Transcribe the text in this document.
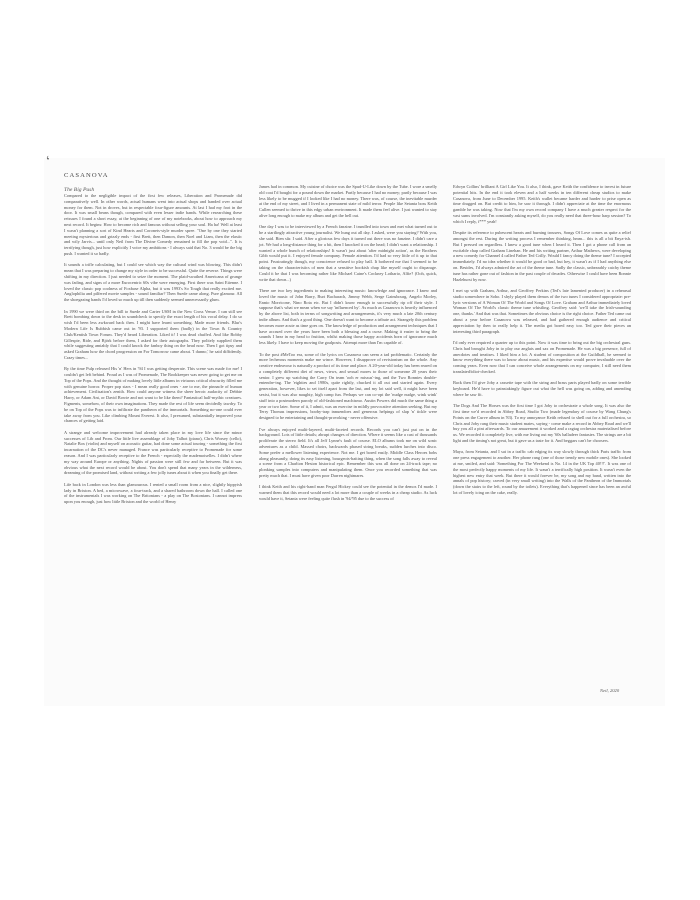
ʻ

CASANOVA

The Big Push

Compared to the negligible impact of the first few releases, Liberation and Promenade did comparatively well. In other words, actual humans went into actual shops and handed over actual money for them. Not in droves, but in respectable four-figure amounts. At last I had my foot in the door. It was small beans though, compared with even lesser indie bands. While researching these reissues I found a short essay, at the beginning of one of my notebooks, about how to approach my next record. It begins: How to become rich and famous without selling your soul. Ha ha! Well at least I wasn't planning a sort of Kind Hearts and Coronets-style murder spree. "One by one they started meeting mysterious and grizzly ends - first Brett, then Damon, then Noel and Liam, then the elastic and wily Jarvis... until only Neil from The Divine Comedy remained to fill the pop void...". It is terrifying though, just how explicitly I voice my ambitions - I always said that No. 3 would be the big push. I wanted it so badly.

It sounds a trifle calculating, but I could see which way the cultural wind was blowing. This didn't mean that I was preparing to change my style in order to be successful. Quite the reverse. Things were shifting in my direction. I just needed to seize the moment. The plaid-swathed Americana of grunge was fading, and signs of a more Eurocentric 60s vibe were emerging. First there was Saint Etienne. I loved the classic pop coolness of Foxbase Alpha, but it was 1993's So Tough that really excited me. Anglophilia and pilfered movie samples - sound familiar? Then Suede came along. Pure glamour. All the shoegazing bands I'd loved so much up till then suddenly seemed unnecessarily glum.

In 1990 we were third on the bill to Suede and Carter USM in the New Cross Venue. I can still see Brett bombing down to the desk in soundcheck to specify the exact length of his vocal delay. I do so wish I'd been less awkward back then. I might have learnt something. Made more friends. Blur's Modern Life Is Rubbish came out in '93. I supported them (badly) in the Town & Country Club/Kentish Town Forum. They'd heard Liberation. Liked it! I was dead chuffed. And like Bobby Gillespie, Ride, and Björk before them, I asked for their autographs. They politely supplied them while suggesting amiably that I could knock the fanboy thing on the head now. Then I got tipsy and asked Graham how the chord progression on For Tomorrow came about. 'I dunno,' he said diffidently. Crazy times...

By the time Pulp released His 'n' Hers in '94 I was getting desperate. This scene was made for me! I couldn't get left behind. Proud as I was of Promenade, The Bookkeeper was never going to get me on Top of the Pops. And the thought of making lovely little albums in virtuous critical obscurity filled me with genuine horror. Proper pop stars - I mean really good ones - are to me, the pinnacle of human achievement. Civilisation's zenith. How could anyone witness the sheer heroic audacity of Debbie Harry, or Adam Ant, or David Bowie and not want to be like them? Fantastical half-mythic creatures. Figments, somehow, of their own imaginations. They made the rest of life seem decidedly tawdry. To be on Top of the Pops was to infiltrate the pantheon of the immortals. Something no-one could ever take away from you. Like climbing Mount Everest. It also, I presumed, substantially improved your chances of getting laid.

A strange and welcome improvement had already taken place in my love life since the minor successes of Lib and Prom. Our little live assemblage of Joby Talbot (piano), Chris Worsey (cello), Natalie Box (violin) and myself on acoustic guitar, had done some actual touring - something the first incarnation of the DC's never managed. France was particularly receptive to Promenade for some reason. And I was particularly receptive to the French - especially the mademoiselles. I didn't where my way around Europe or anything. Nights of passion were still few and far between. But it was obvious what the next record would be about. You don't spend that many years in the wilderness, dreaming of the promised land, without writing a few jolly tunes about it when you finally get there.

Life back in London was less than glamourous. I rented a small room from a nice, slightly hippyish lady in Brixton. A bed, a microwave, a four-track, and a shared bathroom down the hall. I called one of the instrumentals I was working on The Britonians - a play on The Bostonians. I cannot impress upon you enough, just how little Brixton and the world of Henry

James had in common. My cuisine of choice was the Spud-U-Like down by the Tube. I wore a smelly old coat I'd bought for a pound down the market. Partly because I had no money; partly because I was less likely to be mugged if I looked like I had no money. There was, of course, the inevitable murder at the end of my street, and I lived in a permanent state of mild terror. People like Setanta boss Keith Cullen seemed to thrive in this edgy urban environment. It made them feel alive. I just wanted to stay alive long enough to make my album and get the hell out.

One day I was to be interviewed by a French fanzine. I trundled into town and met what turned out to be a startlingly attractive young journalist. We hung out all day. I asked, were you staying? With you, she said. Bien sûr. I said. After a glorious few days it turned out there was no fanzine. I didn't care a jot. We had a long-distance thing for a bit, then I knocked it on the head; I didn't want a relationship. I wanted a whole bunch of relationships! It wasn't just about 'after midnight action', as the Brothers Gibb would put it. I enjoyed female company. Female attention. I'd had so very little of it up to that point. Frustratingly though, my conscience refused to play ball. It bothered me that I seemed to be taking on the characteristics of men that a sensitive bookish chap like myself ought to disparage. Could it be that I was becoming rather like Michael Caine's Cockney Lothario, Alfie? (Ooh, quick, write that down...)

There are two key ingredients to making interesting music: knowledge and ignorance. I knew and loved the music of John Barry, Burt Bacharach, Jimmy Webb, Serge Gainsbourg, Angelo Morley, Ennio Morricone, Nino Rota etc. But I didn't know enough to successfully rip off their style. I suppose that's what we mean when we say 'influenced by'. As much as Casanova is heavily influenced by the above list, both in terms of songwriting and arrangements, it's very much a late 20th century indie album. And that's a good thing. One doesn't want to become a tribute act. Strangely this problem becomes more acute as time goes on. The knowledge of production and arrangement techniques that I have accrued over the years have been both a blessing and a curse. Making it easier to bring the sounds I hear in my head to fruition, whilst making those happy accidents born of ignorance much less likely. I have to keep moving the goalposts. Attempt more than I'm capable of.

To the post #MeToo era, some of the lyrics on Casanova can seem a tad problematic. Certainly the more lecherous moments make me wince. However, I disapprove of revisionism on the whole. Any creative endeavour is naturally a product of its time and place. A 20-year-old today has been reared on a completely different diet of news, views, and sexual mores to those of someone 20 years their senior. I grew up watching the Carry On team 'ooh er missus'-ing, and the Two Ronnies double-entendre-ing. The 'eighties and 1980s, quite rightly, chucked it all out and started again. Every generation, however, likes to set itself apart from the last, and my lot said well, it might have been sexist, but it was also naughty, high camp fun. Perhaps we can co-opt the 'nudge nudge, wink wink' stuff into a postmodern parody of old-fashioned machismo. Austin Powers did much the same thing a year or two later. Some of it, I admit, was an exercise in mildly provocative attention seeking. But my Terry Thomas impressions, booby-trap innuendoes and generous helpings of slap 'n' tickle were designed to be entertaining and thought-provoking - never offensive.

I've always enjoyed multi-layered, multi-faceted records. Records you can't just put on in the background. Lots of little details; abrupt changes of direction. Where it seems like a cast of thousands proliferate the stereo field. It's all Jeff Lynne's fault of course. ELO albums took me on wild sonic adventures as a child. Massed choirs, backwards phased string breaks, sudden lurches into disco. Some prefer a mellower listening experience. Not me. I get bored easily. Middle Class Heroes bobs along pleasantly, doing its easy listening, bourgeois-baiting thing, when the song falls away to reveal a scene from a Charlton Heston historical epic. Remember this was all done on 24-track tape; no plonking samples into computers and manipulating them. Once you recorded something that was pretty much that. I must have given poor Darren nightmares.

I think Keith and his right-hand man Fergal Hickey could see the potential in the demos I'd made. I warned them that this record would need a lot more than a couple of weeks in a cheap studio. As luck would have it, Setanta were feeling quite flush in '94/'95 due to the success of

Edwyn Collins' brilliant A Girl Like You. It also, I think, gave Keith the confidence to invest in future potential hits. In the end it took eleven and a half weeks in ten different cheap studios to make Casanova, from June to December 1995. Keith's wallet became harder and harder to prise open as time dragged on. But credit to him, he saw it through. I didn't appreciate at the time the enormous gamble he was taking. Now that I'm my own record company I have a much greater respect for the vast sums involved. I'm constantly asking myself, do you really need that three-hour harp session? To which I reply, f*** yeah!

Despite its reference to pubescent hearts and burning trousers, Songs Of Love comes as quite a relief amongst the rest. During the writing process I remember thinking, hmm... this is all a bit Enya-ish. But I pressed on regardless. I knew a good tune when I heard it. Then I got a phone call from an excitable chap called Graham Linehan. He and his writing partner, Arthur Mathews, were developing a new comedy for Channel 4 called Father Ted Crilly. Would I fancy doing the theme tune? I accepted immediately. I'd no idea whether it would be good or bad, but hey, it wasn't as if I had anything else on. Besides, I'd always admired the art of the theme tune. Sadly the classic, unbearably catchy theme tune has rather gone out of fashion in the past couple of decades. Otherwise I could have been Ronnie Hazlehurst by now.

I met up with Graham, Arthur, and Geoffrey Perkins (Ted's late lamented producer) in a rehearsal studio somewhere in Soho. I shyly played them demos of the two tunes I considered appropriate: pre-lyric versions of A Woman Of The World and Songs Of Love. Graham and Arthur immediately loved Woman Of The World's classic theme tune whistling. Geoffrey said: 'we'll take the Irish-sounding one, thanks.' And that was that. Sometimes the obvious choice is the right choice. Father Ted came out about a year before Casanova was released, and had gathered enough audience and critical appreciation by then to really help it. The media got bored easy too. Ted gave their pieces an interesting third paragraph.

I'd only ever required a quarter up to this point. Now it was time to bring out the big orchestral guns. Chris had brought Joby in to play our anglais and sax on Promenade. He was a big presence, full of anecdotes and treatises. I liked him a lot. A student of composition at the Guildhall, he seemed to know everything there was to know about music, and his expertise would prove invaluable over the coming years. Even now that I can conceive whole arrangements on my computer, I still need them translated/idiot-checked.

Back then I'd give Joby a cassette tape with the string and brass parts played badly on some terrible keyboard. He'd have to painstakingly figure out what the hell was going on, adding and amending where he saw fit.

The Dogs And The Horses was the first time I got Joby to orchestrate a whole song. It was also the first time we'd recorded in Abbey Road, Studio Two (made legendary of course by Wang Chung's Points on the Curve album in '83). To my annoyance Keith refused to shell out for a full orchestra, so Chris and Joby rang their music student mates, saying - come make a record in Abbey Road and we'll buy you all a pint afterwards. To our amazement it worked and a ragtag orchestra materialised before us. We recorded it completely live, with me living out my '60s balladeer fantasies. The strings are a bit light and the timing's not great, but it gave us a taste for it. And beggars can't be choosers.

Maya, from Setanta, and I sat in a traffic cab edging its way slowly through thick Paris traffic from one press engagement to another. Her phone rang (one of those trendy new mobile ones). She looked at me, smiled, and said: 'Something For The Weekend is No. 14 in the UK Top 40!!!'. It was one of the most perfectly happy moments of my life. It wasn't a terrifically high position. It wasn't even the highest new entry that week. But there it would forever be, my song and my band, written into the annals of pop history; carved (in very small writing) into the Walls of the Pantheon of the Immortals (down the stairs to the left, round by the toilets). Everything that's happened since has been an awful lot of lovely icing on the cake, really.

Neil, 2020
